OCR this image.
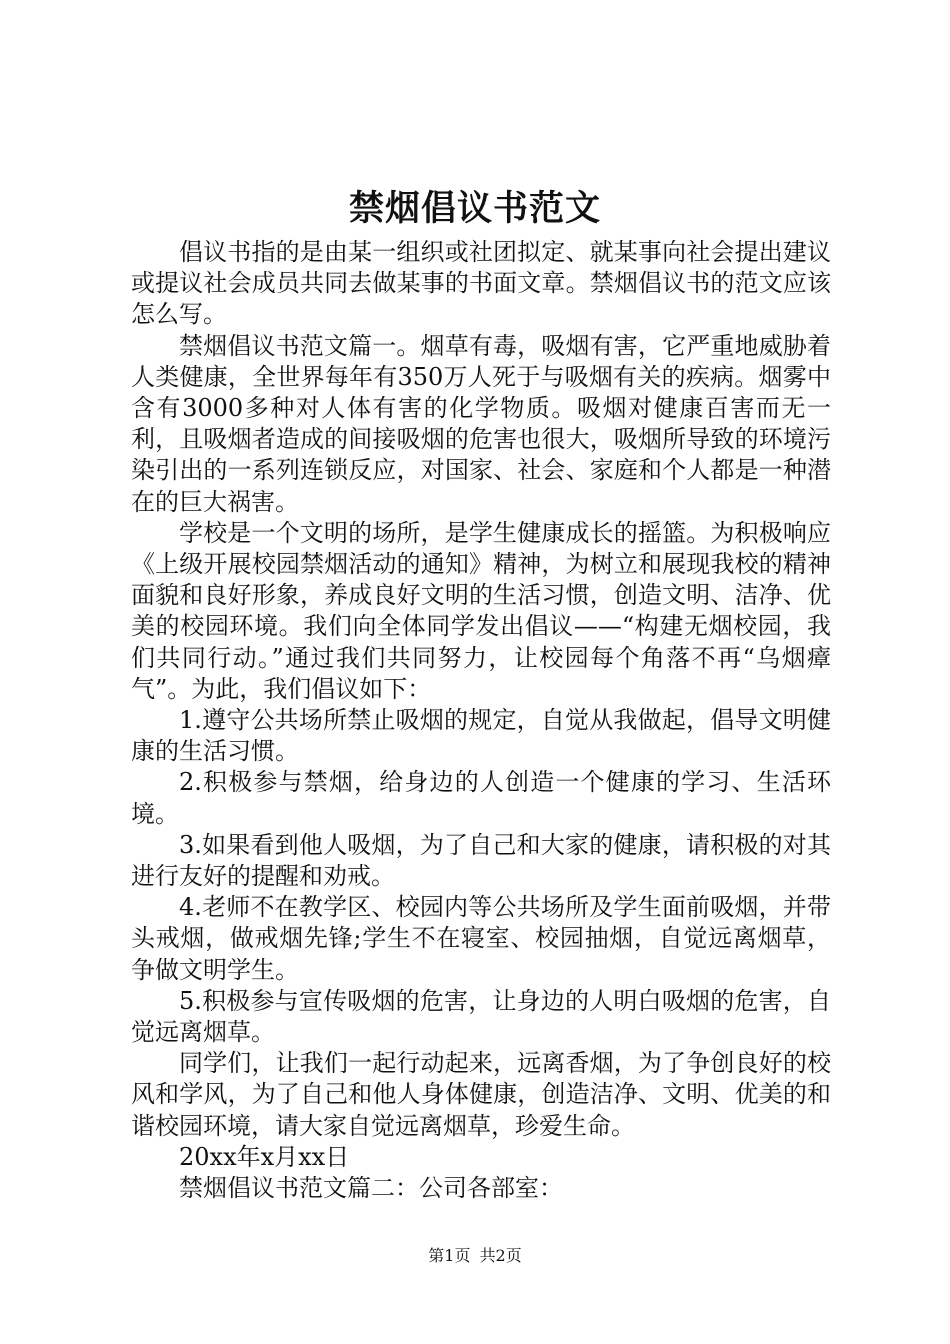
禁烟倡议书范文

倡议书指的是由某一组织或社团拟定、就某事向社会提出建议或提议社会成员共同去做某事的书面文章。禁烟倡议书的范文应该怎么写。

禁烟倡议书范文篇一。烟草有毒，吸烟有害，它严重地威胁着人类健康，全世界每年有350万人死于与吸烟有关的疾病。烟雾中含有3000多种对人体有害的化学物质。吸烟对健康百害而无一利，且吸烟者造成的间接吸烟的危害也很大，吸烟所导致的环境污染引出的一系列连锁反应，对国家、社会、家庭和个人都是一种潜在的巨大祸害。

学校是一个文明的场所，是学生健康成长的摇篮。为积极响应《上级开展校园禁烟活动的通知》精神，为树立和展现我校的精神面貌和良好形象，养成良好文明的生活习惯，创造文明、洁净、优美的校园环境。我们向全体同学发出倡议——“构建无烟校园，我们共同行动。”通过我们共同努力，让校园每个角落不再“乌烟瘴气”。为此，我们倡议如下：

1.遵守公共场所禁止吸烟的规定，自觉从我做起，倡导文明健康的生活习惯。

2.积极参与禁烟，给身边的人创造一个健康的学习、生活环境。

3.如果看到他人吸烟，为了自己和大家的健康，请积极的对其进行友好的提醒和劝戒。

4.老师不在教学区、校园内等公共场所及学生面前吸烟，并带头戒烟，做戒烟先锋;学生不在寝室、校园抽烟，自觉远离烟草，争做文明学生。

5.积极参与宣传吸烟的危害，让身边的人明白吸烟的危害，自觉远离烟草。

同学们，让我们一起行动起来，远离香烟，为了争创良好的校风和学风，为了自己和他人身体健康，创造洁净、文明、优美的和谐校园环境，请大家自觉远离烟草，珍爱生命。

20xx年x月xx日

禁烟倡议书范文篇二：公司各部室：

第1页 共2页
